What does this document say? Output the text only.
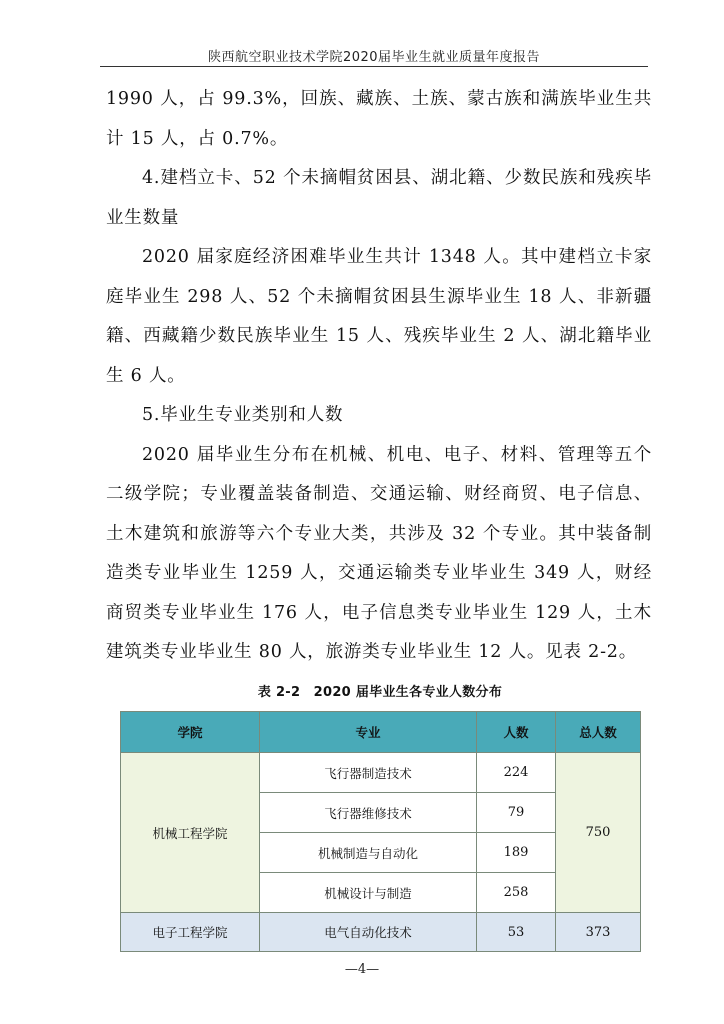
陕西航空职业技术学院2020届毕业生就业质量年度报告

1990 人，占 99.3%，回族、藏族、土族、蒙古族和满族毕业生共计 15 人，占 0.7%。

4.建档立卡、52 个未摘帽贫困县、湖北籍、少数民族和残疾毕业生数量

2020 届家庭经济困难毕业生共计 1348 人。其中建档立卡家庭毕业生 298 人、52 个未摘帽贫困县生源毕业生 18 人、非新疆籍、西藏籍少数民族毕业生 15 人、残疾毕业生 2 人、湖北籍毕业生 6 人。

5.毕业生专业类别和人数

2020 届毕业生分布在机械、机电、电子、材料、管理等五个二级学院；专业覆盖装备制造、交通运输、财经商贸、电子信息、土木建筑和旅游等六个专业大类，共涉及 32 个专业。其中装备制造类专业毕业生 1259 人，交通运输类专业毕业生 349 人，财经商贸类专业毕业生 176 人，电子信息类专业毕业生 129 人，土木建筑类专业毕业生 80 人，旅游类专业毕业生 12 人。见表 2-2。

表 2-2　2020 届毕业生各专业人数分布
学院	专业	人数	总人数
机械工程学院	飞行器制造技术	224	750
	飞行器维修技术	79	
	机械制造与自动化	189	
	机械设计与制造	258	
电子工程学院	电气自动化技术	53	373
—4—
